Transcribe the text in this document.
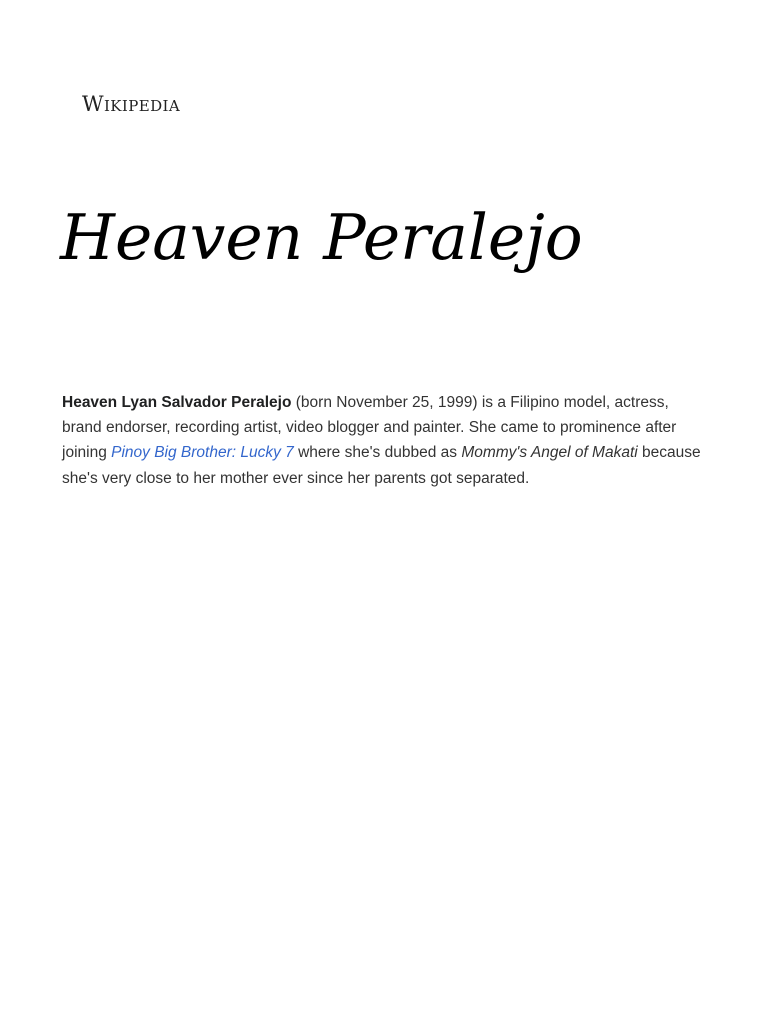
Wikipedia
Heaven Peralejo

Heaven Lyan Salvador Peralejo (born November 25, 1999) is a Filipino model, actress, brand endorser, recording artist, video blogger and painter. She came to prominence after joining Pinoy Big Brother: Lucky 7 where she's dubbed as Mommy's Angel of Makati because she's very close to her mother ever since her parents got separated.
